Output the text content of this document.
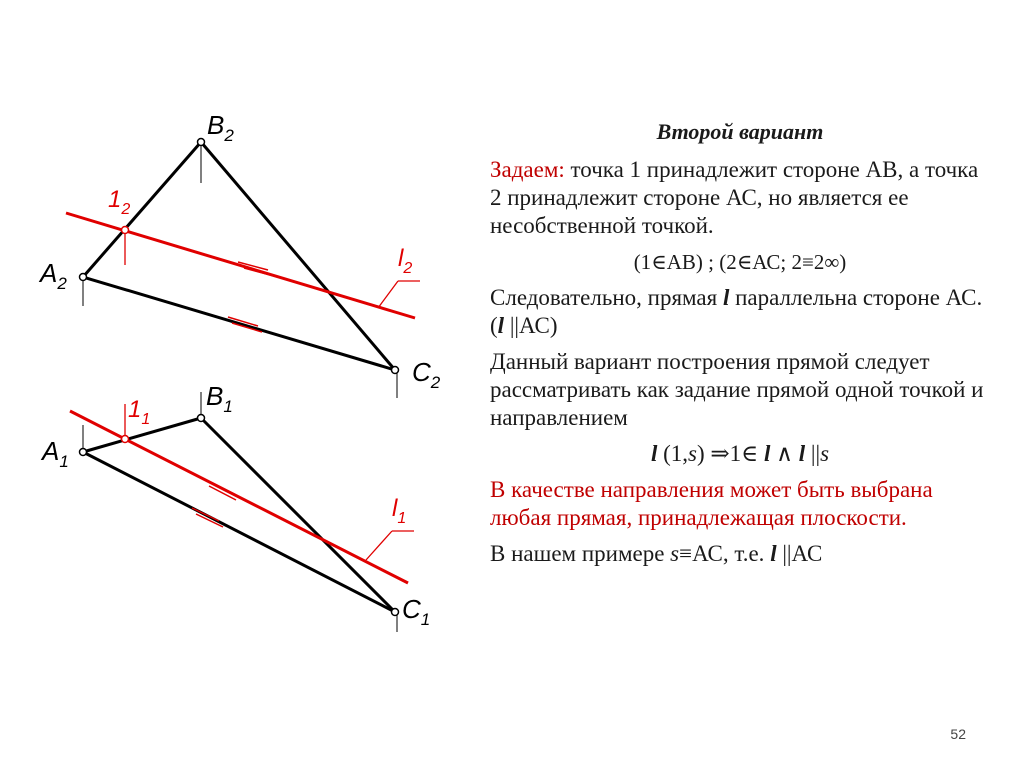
$B_2$
$A_2$
$C_2$
$1_2$
$l_2$
$B_1$
$A_1$
$C_1$
$1_1$
$l_1$
Второй вариант

Задаем: точка 1 принадлежит стороне АВ, а точка 2 принадлежит стороне АС, но является ее несобственной точкой.

(1∈АВ) ; (2∈АС; 2≡2∞)

Следовательно, прямая l параллельна стороне АС. (l ||АС)

Данный вариант построения прямой следует рассматривать как задание прямой одной точкой и направлением

l (1,s) ⇒1∈ l ∧ l ||s

В качестве направления может быть выбрана любая прямая, принадлежащая плоскости.

В нашем примере s≡АС, т.е. l ||АС

52
